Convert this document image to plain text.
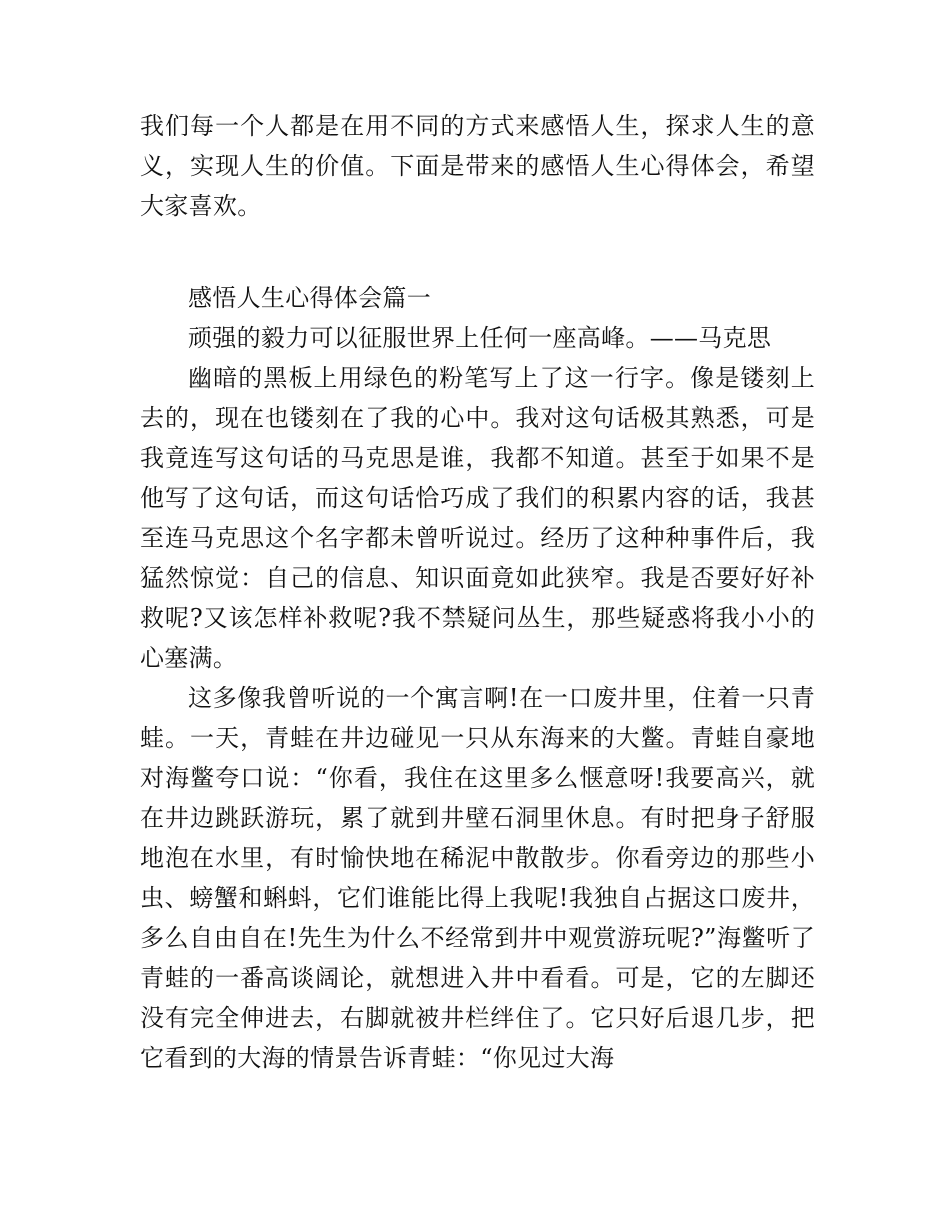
我们每一个人都是在用不同的方式来感悟人生，探求人生的意义，实现人生的价值。下面是带来的感悟人生心得体会，希望大家喜欢。

感悟人生心得体会篇一

顽强的毅力可以征服世界上任何一座高峰。——马克思

幽暗的黑板上用绿色的粉笔写上了这一行字。像是镂刻上去的，现在也镂刻在了我的心中。我对这句话极其熟悉，可是我竟连写这句话的马克思是谁，我都不知道。甚至于如果不是他写了这句话，而这句话恰巧成了我们的积累内容的话，我甚至连马克思这个名字都未曾听说过。经历了这种种事件后，我猛然惊觉：自己的信息、知识面竟如此狭窄。我是否要好好补救呢?又该怎样补救呢?我不禁疑问丛生，那些疑惑将我小小的心塞满。

这多像我曾听说的一个寓言啊!在一口废井里，住着一只青蛙。一天，青蛙在井边碰见一只从东海来的大鳖。青蛙自豪地对海鳖夸口说：“你看，我住在这里多么惬意呀!我要高兴，就在井边跳跃游玩，累了就到井壁石洞里休息。有时把身子舒服地泡在水里，有时愉快地在稀泥中散散步。你看旁边的那些小虫、螃蟹和蝌蚪，它们谁能比得上我呢!我独自占据这口废井，多么自由自在!先生为什么不经常到井中观赏游玩呢?”海鳖听了青蛙的一番高谈阔论，就想进入井中看看。可是，它的左脚还没有完全伸进去，右脚就被井栏绊住了。它只好后退几步，把它看到的大海的情景告诉青蛙：“你见过大海
